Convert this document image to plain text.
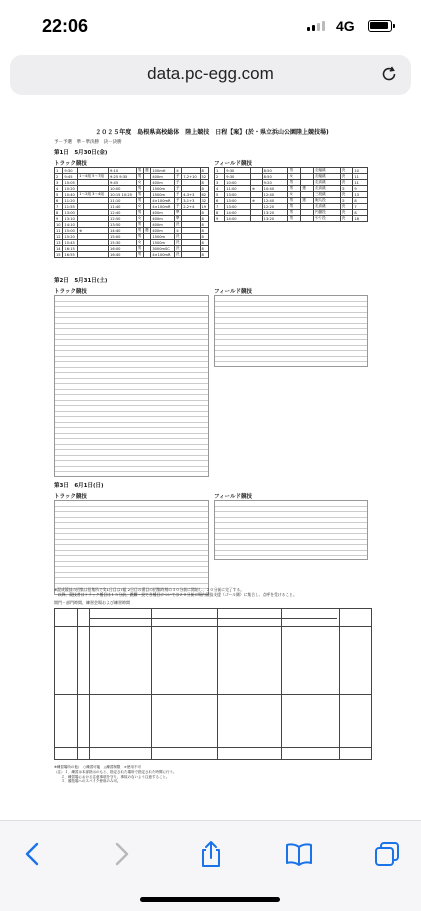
22:06	4G
data.pc-egg.com
２０２５年度　島根県高校総体　陸上競技　日程【案】(於・県立浜山公園陸上競技場)
予－予選　準－準決勝　決－決勝
第1日　5月30日(金)
トラック競技	フィールド競技
1	9:30		9:10	男	選	100mH	①		8
2	9:45	1～4組 5～7組	9:25 9:35	男		400m	予	7-2+10	52
3	10:05		9:45	女		400m	予		8
4	10:20		10:00	男		1500m	予		8
5	10:40	1～2組 3～4組	10:15 10:25	男		1500m	予	4-3+3	62
6	11:20		11:10	男		4×100mR	予	3-1+3	32
7	11:55		11:40	女		4×100mR	予	2-2+4	19
8	13:00		12:40	男		400m	準		8
9	13:10		12:50	女		400m	準		8
10	14:10		13:50	男		400m	決		8
11	15:00	※	14:40	男	選	400m	①		8
12	15:20		15:00	男		1500m	決		8
13	15:45		15:30	女		1500m	決		8
14	16:15		16:00	男		3000mSC	決		8
15	16:55		16:40	男		4×100mR	決		8
1	9:30		8:50	男		走幅跳	決	10
2	9:30		8:50	女		走幅跳	決	11
3	10:00		9:20	男		走高跳	決	11
4	11:00	※	10:40	男	選	走高跳	②	9
5	13:00		12:40	女		三段跳	決	13
6	13:00	※	12:40	男	選	砲丸投	②	8
7	13:00		12:20	男		走高跳	決	7
8	14:00		13:20	男		円盤投	決	8
9	14:00		13:20	男		やり投	決	18
第2日　5月31日(土)
トラック競技	フィールド競技
第3日　6月1日(日)
トラック競技	フィールド競技
※混成競技の招集は招集所で実1日目は7組 2日目の番目の招集時刻の３０分前に開始し、２０分前に完了する。
　以降、競技者はトラック種目は１５分前、跳躍・投てき種目については２０分前に場内競技支援（ゴール側）に集合し、点呼を受けること。
開門・部門時間、練習会場および練習時間
※練習場所の他）　○練習可能　△練習制限　×使用不可
（注）１．練習は本部指示のもと、指定された場所で指定された時間に行う。
　　２．練習場における注意事項を守り、事故のないよう注意すること。
　　３．競技場へのスパイク使用のみ可。
